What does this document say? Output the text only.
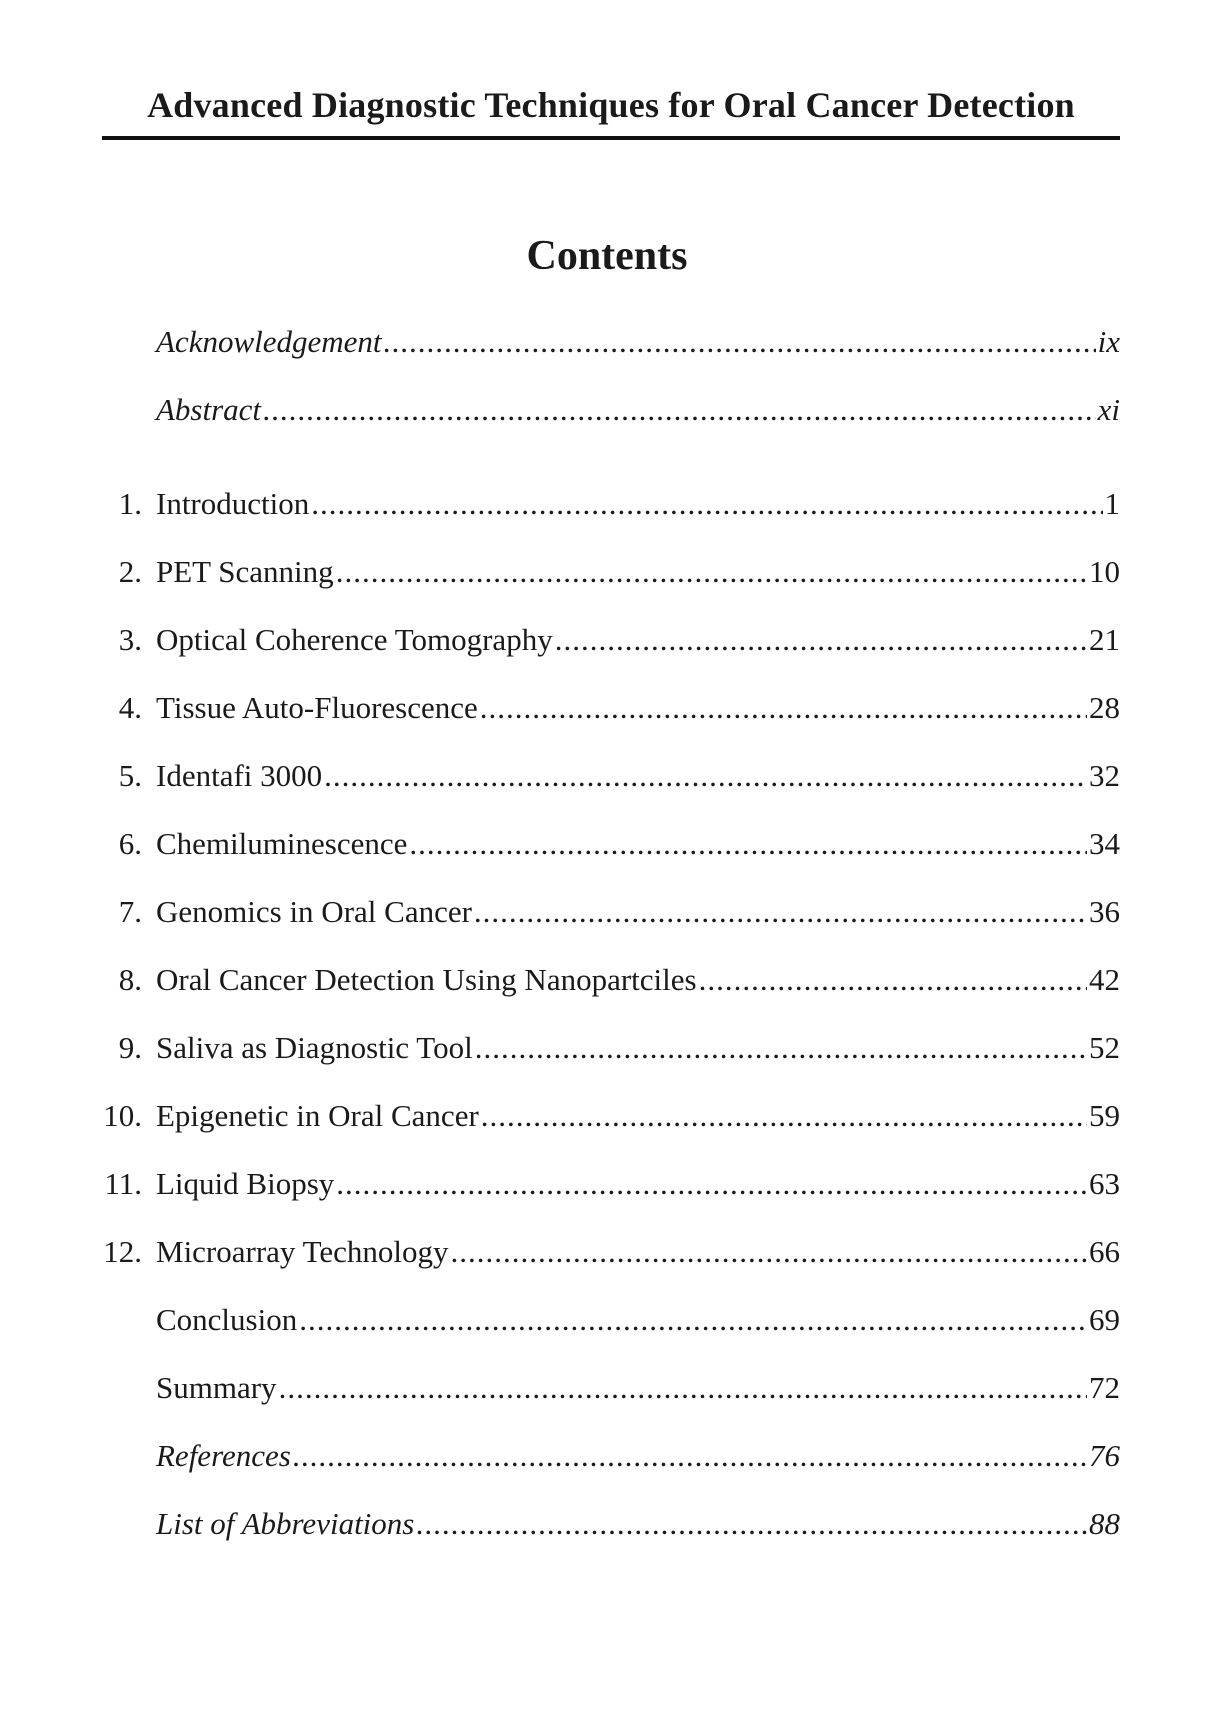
Advanced Diagnostic Techniques for Oral Cancer Detection
Contents
Acknowledgement .....	ix
Abstract .....	xi
1. Introduction .....	1
2. PET Scanning .....	10
3. Optical Coherence Tomography .....	21
4. Tissue Auto-Fluorescence .....	28
5. Identafi 3000 .....	32
6. Chemiluminescence .....	34
7. Genomics in Oral Cancer .....	36
8. Oral Cancer Detection Using Nanopartciles .....	42
9. Saliva as Diagnostic Tool .....	52
10. Epigenetic in Oral Cancer .....	59
11. Liquid Biopsy .....	63
12. Microarray Technology .....	66
Conclusion .....	69
Summary .....	72
References .....	76
List of Abbreviations .....	88
